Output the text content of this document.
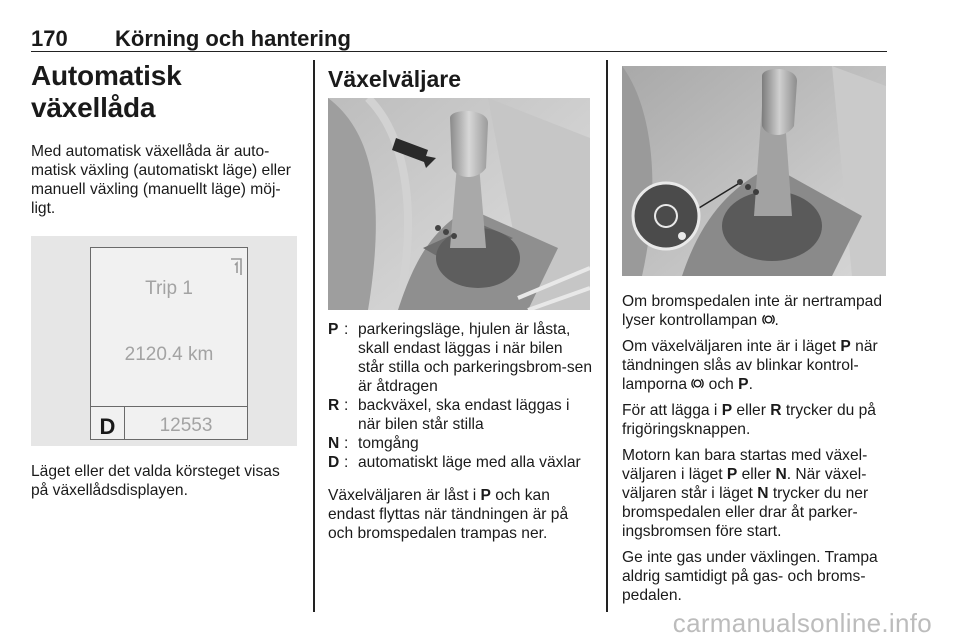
170 Körning och hantering
Automatisk växellåda

Med automatisk växellåda är auto-matisk växling (automatiskt läge) eller manuell växling (manuellt läge) möj-ligt.

Trip 1
2120.4 km
D	12553

Läget eller det valda körsteget visas på växellådsdisplayen.

Växelväljare
P : parkeringsläge, hjulen är låsta, skall endast läggas i när bilen står stilla och parkeringsbrom-sen är åtdragen
R : backväxel, ska endast läggas i när bilen står stilla
N : tomgång
D : automatiskt läge med alla växlar

Växelväljaren är låst i P och kan endast flyttas när tändningen är på och bromspedalen trampas ner.

Om bromspedalen inte är nertrampad lyser kontrollampan .

Om växelväljaren inte är i läget P när tändningen slås av blinkar kontrol-lamporna  och P.

För att lägga i P eller R trycker du på frigöringsknappen.

Motorn kan bara startas med växel-väljaren i läget P eller N. När växel-väljaren står i läget N trycker du ner bromspedalen eller drar åt parker-ingsbromsen före start.

Ge inte gas under växlingen. Trampa aldrig samtidigt på gas- och broms-pedalen.

carmanualsonline.info
